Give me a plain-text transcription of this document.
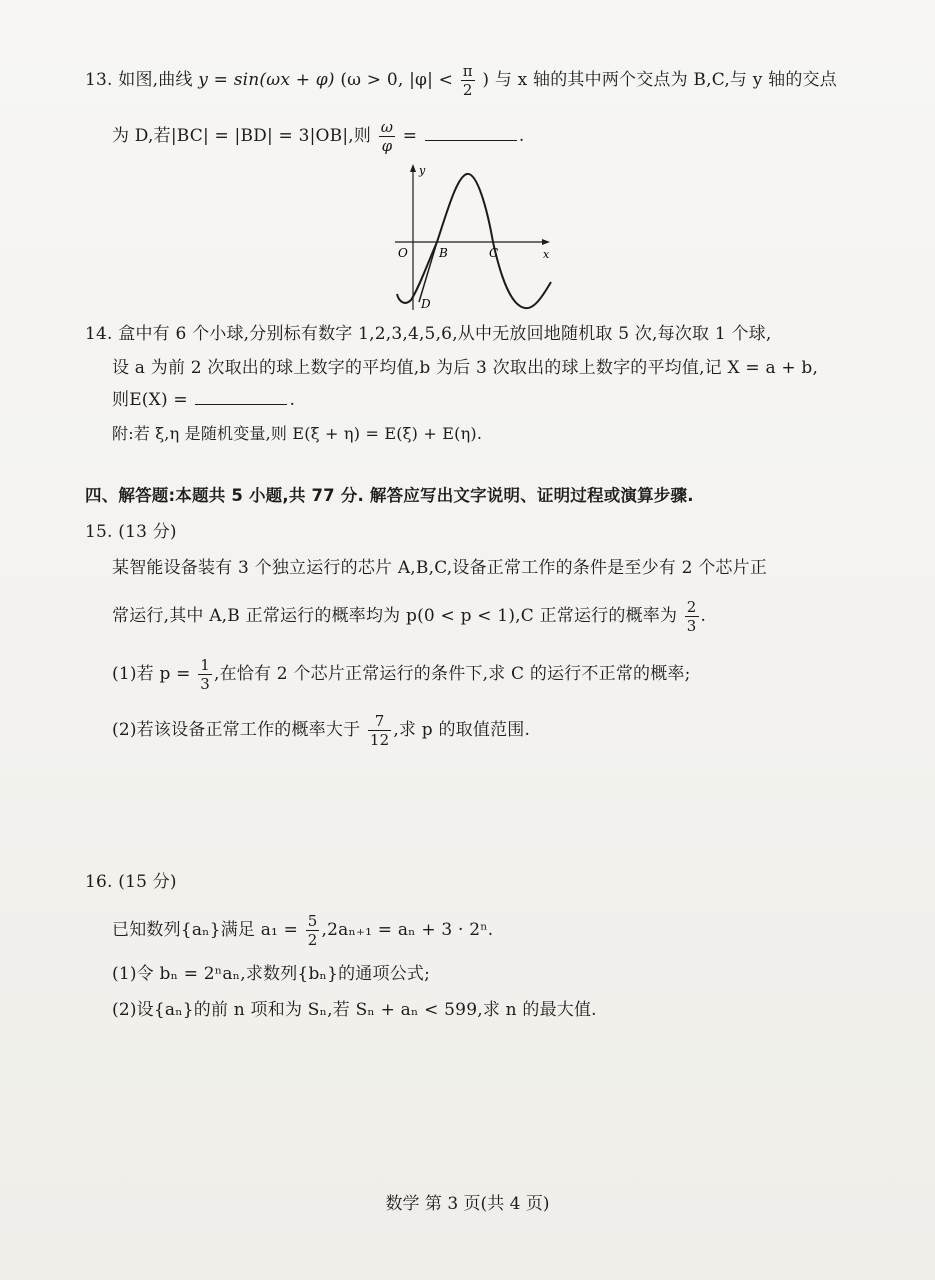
13. 如图,曲线 y = sin(ωx + φ) (ω > 0, $|\varphi| < \frac{\pi}{2}$ ) 与 x 轴的其中两个交点为 B,C,与 y 轴的交点
为 D,若|BC| = |BD| = 3|OB|,则 $\frac{\omega}{\varphi}$ =	.
y
x
O	B	C
D
14. 盒中有 6 个小球,分别标有数字 1,2,3,4,5,6,从中无放回地随机取 5 次,每次取 1 个球,
设 a 为前 2 次取出的球上数字的平均值,b 为后 3 次取出的球上数字的平均值,记 X = a + b,
则E(X) =	.
附:若 ξ,η 是随机变量,则 E(ξ + η) = E(ξ) + E(η).
四、解答题:本题共 5 小题,共 77 分. 解答应写出文字说明、证明过程或演算步骤.
15. (13 分)
某智能设备装有 3 个独立运行的芯片 A,B,C,设备正常工作的条件是至少有 2 个芯片正
常运行,其中 A,B 正常运行的概率均为 p(0 < p < 1),C 正常运行的概率为 $\frac{2}{3}$ .
(1)若 $p = \frac{1}{3}$ ,在恰有 2 个芯片正常运行的条件下,求 C 的运行不正常的概率;
(2)若该设备正常工作的概率大于 $\frac{7}{12}$ ,求 p 的取值范围.
16. (15 分)
已知数列{aₙ}满足 $a_1 = \frac{5}{2} ,2a_{n+1} = a_n + 3 \cdot 2^n$.
(1)令 bₙ = 2ⁿaₙ,求数列{bₙ}的通项公式;
(2)设{aₙ}的前 n 项和为 Sₙ,若 Sₙ + aₙ < 599,求 n 的最大值.
数学 第 3 页(共 4 页)
